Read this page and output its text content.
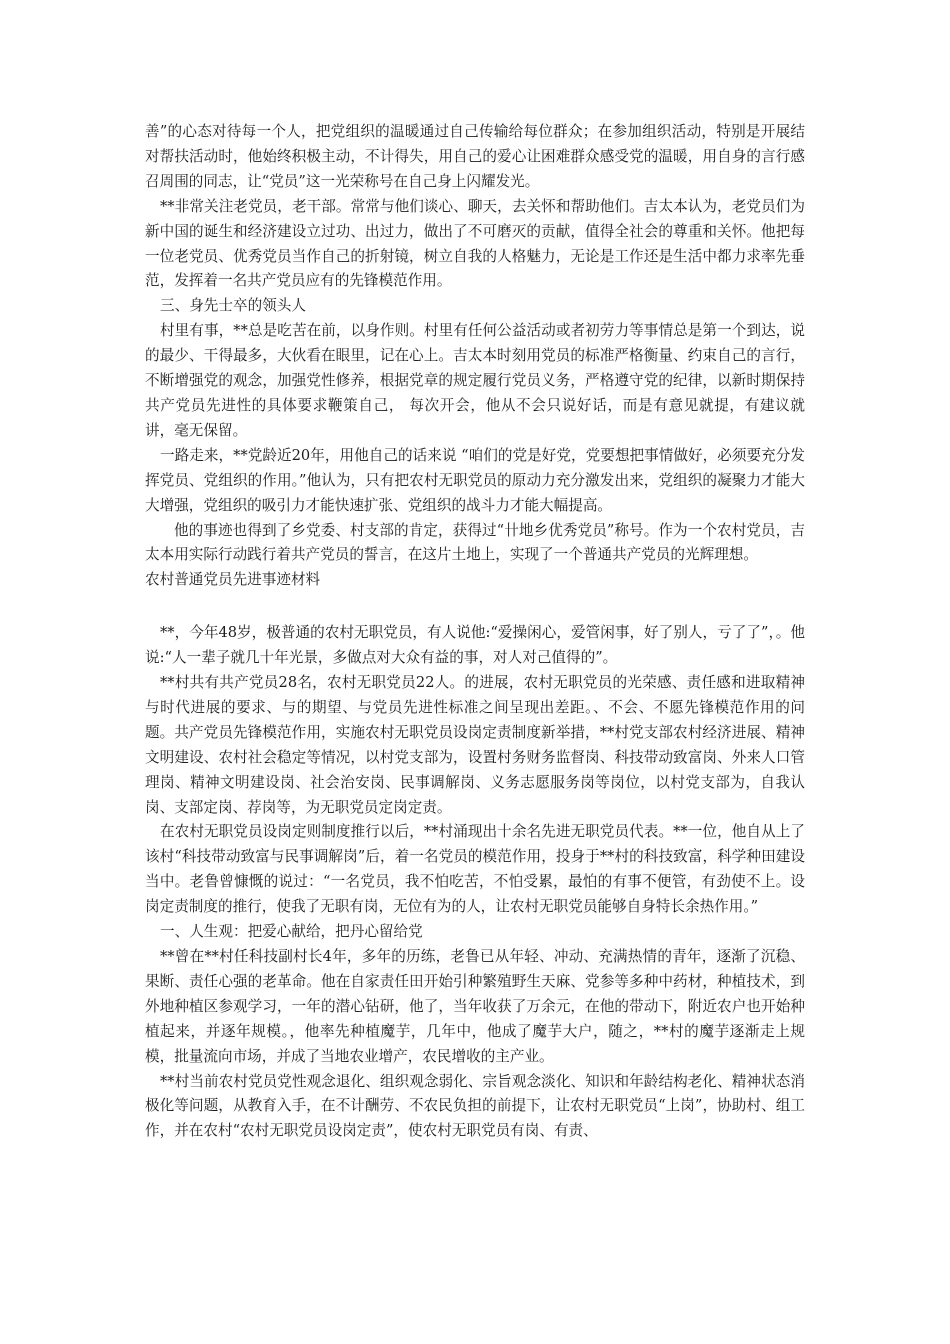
善”的心态对待每一个人，把党组织的温暖通过自己传输给每位群众；在参加组织活动，特别是开展结对帮扶活动时，他始终积极主动，不计得失，用自己的爱心让困难群众感受党的温暖，用自身的言行感召周围的同志，让“党员”这一光荣称号在自己身上闪耀发光。

**非常关注老党员，老干部。常常与他们谈心、聊天，去关怀和帮助他们。吉太本认为，老党员们为新中国的诞生和经济建设立过功、出过力，做出了不可磨灭的贡献，值得全社会的尊重和关怀。他把每一位老党员、优秀党员当作自己的折射镜，树立自我的人格魅力，无论是工作还是生活中都力求率先垂范，发挥着一名共产党员应有的先锋模范作用。

三、身先士卒的领头人

村里有事，**总是吃苦在前，以身作则。村里有任何公益活动或者初劳力等事情总是第一个到达，说的最少、干得最多，大伙看在眼里，记在心上。吉太本时刻用党员的标准严格衡量、约束自己的言行，不断增强党的观念，加强党性修养，根据党章的规定履行党员义务，严格遵守党的纪律，以新时期保持共产党员先进性的具体要求鞭策自己， 每次开会，他从不会只说好话，而是有意见就提，有建议就讲，毫无保留。

一路走来，**党龄近20年，用他自己的话来说 “咱们的党是好党，党要想把事情做好，必须要充分发挥党员、党组织的作用。”他认为，只有把农村无职党员的原动力充分激发出来，党组织的凝聚力才能大大增强，党组织的吸引力才能快速扩张、党组织的战斗力才能大幅提高。

他的事迹也得到了乡党委、村支部的肯定，获得过“卄地乡优秀党员”称号。作为一个农村党员，吉太本用实际行动践行着共产党员的誓言，在这片土地上，实现了一个普通共产党员的光辉理想。

农村普通党员先进事迹材料

**，今年48岁，极普通的农村无职党员，有人说他:“爱操闲心，爱管闲事，好了别人，亏了了”，。他说:“人一辈子就几十年光景，多做点对大众有益的事，对人对己值得的”。

**村共有共产党员28名，农村无职党员22人。的进展，农村无职党员的光荣感、责任感和进取精神与时代进展的要求、与的期望、与党员先进性标准之间呈现出差距。、不会、不愿先锋模范作用的问题。共产党员先锋模范作用，实施农村无职党员设岗定责制度新举措，**村党支部农村经济进展、精神文明建设、农村社会稳定等情况，以村党支部为，设置村务财务监督岗、科技带动致富岗、外来人口管理岗、精神文明建设岗、社会治安岗、民事调解岗、义务志愿服务岗等岗位，以村党支部为，自我认岗、支部定岗、荐岗等，为无职党员定岗定责。

在农村无职党员设岗定则制度推行以后，**村涌现出十余名先进无职党员代表。**一位，他自从上了该村“科技带动致富与民事调解岗”后，着一名党员的模范作用，投身于**村的科技致富，科学种田建设当中。老鲁曾慷慨的说过：“一名党员，我不怕吃苦，不怕受累，最怕的有事不便管，有劲使不上。设岗定责制度的推行，使我了无职有岗，无位有为的人，让农村无职党员能够自身特长余热作用。”

一、人生观：把爱心献给，把丹心留给党

**曾在**村任科技副村长4年，多年的历练，老鲁已从年轻、冲动、充满热情的青年，逐渐了沉稳、果断、责任心强的老革命。他在自家责任田开始引种繁殖野生天麻、党参等多种中药材，种植技术，到外地种植区参观学习，一年的潜心钻研，他了，当年收获了万余元，在他的带动下，附近农户也开始种植起来，并逐年规模。，他率先种植魔芋，几年中，他成了魔芋大户，随之，**村的魔芋逐渐走上规模，批量流向市场，并成了当地农业增产，农民增收的主产业。

**村当前农村党员党性观念退化、组织观念弱化、宗旨观念淡化、知识和年龄结构老化、精神状态消极化等问题，从教育入手，在不计酬劳、不农民负担的前提下，让农村无职党员“上岗”，协助村、组工作，并在农村“农村无职党员设岗定责”，使农村无职党员有岗、有责、
